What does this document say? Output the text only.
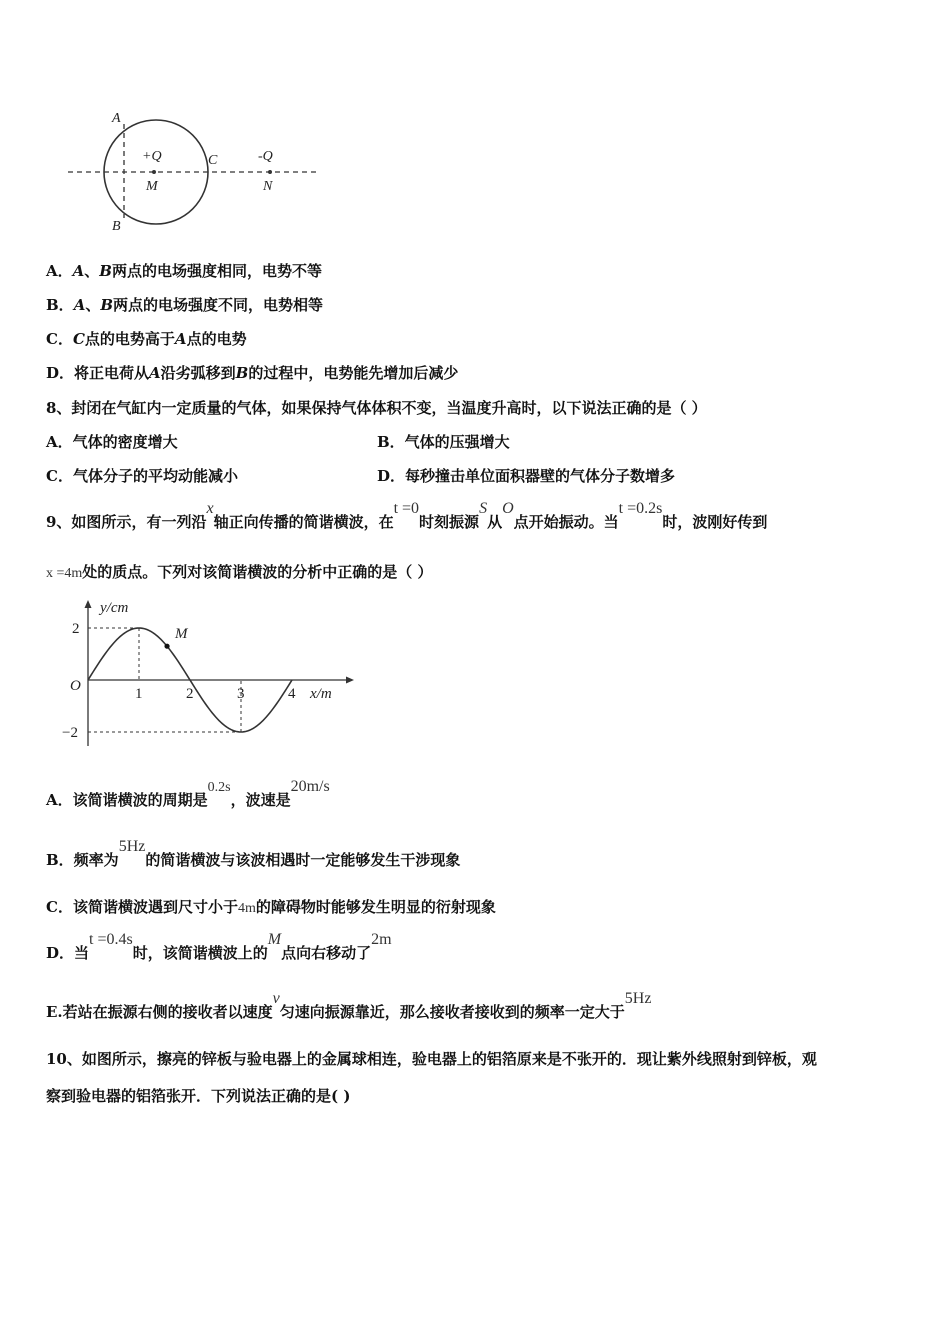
A
B
C
+Q
M
-Q
N
A．A、B两点的电场强度相同，电势不等
B．A、B两点的电场强度不同，电势相等
C．C点的电势高于A点的电势
D．将正电荷从A沿劣弧移到B的过程中，电势能先增加后减少
8、封闭在气缸内一定质量的气体，如果保持气体体积不变，当温度升高时，以下说法正确的是（ ）
A．气体的密度增大	B．气体的压强增大
C．气体分子的平均动能减小	D．每秒撞击单位面积器壁的气体分子数增多
9、如图所示，有一列沿x轴正向传播的简谐横波，在t =0时刻振源S从O点开始振动。当t =0.2s时，波刚好传到
x =4m处的质点。下列对该简谐横波的分析中正确的是（ ）
1	2	3	4
2
−2
M
y/cm
x/m
O
A．该简谐横波的周期是0.2s，波速是20m/s
B．频率为5Hz的简谐横波与该波相遇时一定能够发生干涉现象
C．该简谐横波遇到尺寸小于4m的障碍物时能够发生明显的衍射现象
D．当t =0.4s时，该简谐横波上的M点向右移动了2m
E.若站在振源右侧的接收者以速度v匀速向振源靠近，那么接收者接收到的频率一定大于5Hz
10、如图所示，擦亮的锌板与验电器上的金属球相连，验电器上的铝箔原来是不张开的．现让紫外线照射到锌板，观
察到验电器的铝箔张开．下列说法正确的是( )
